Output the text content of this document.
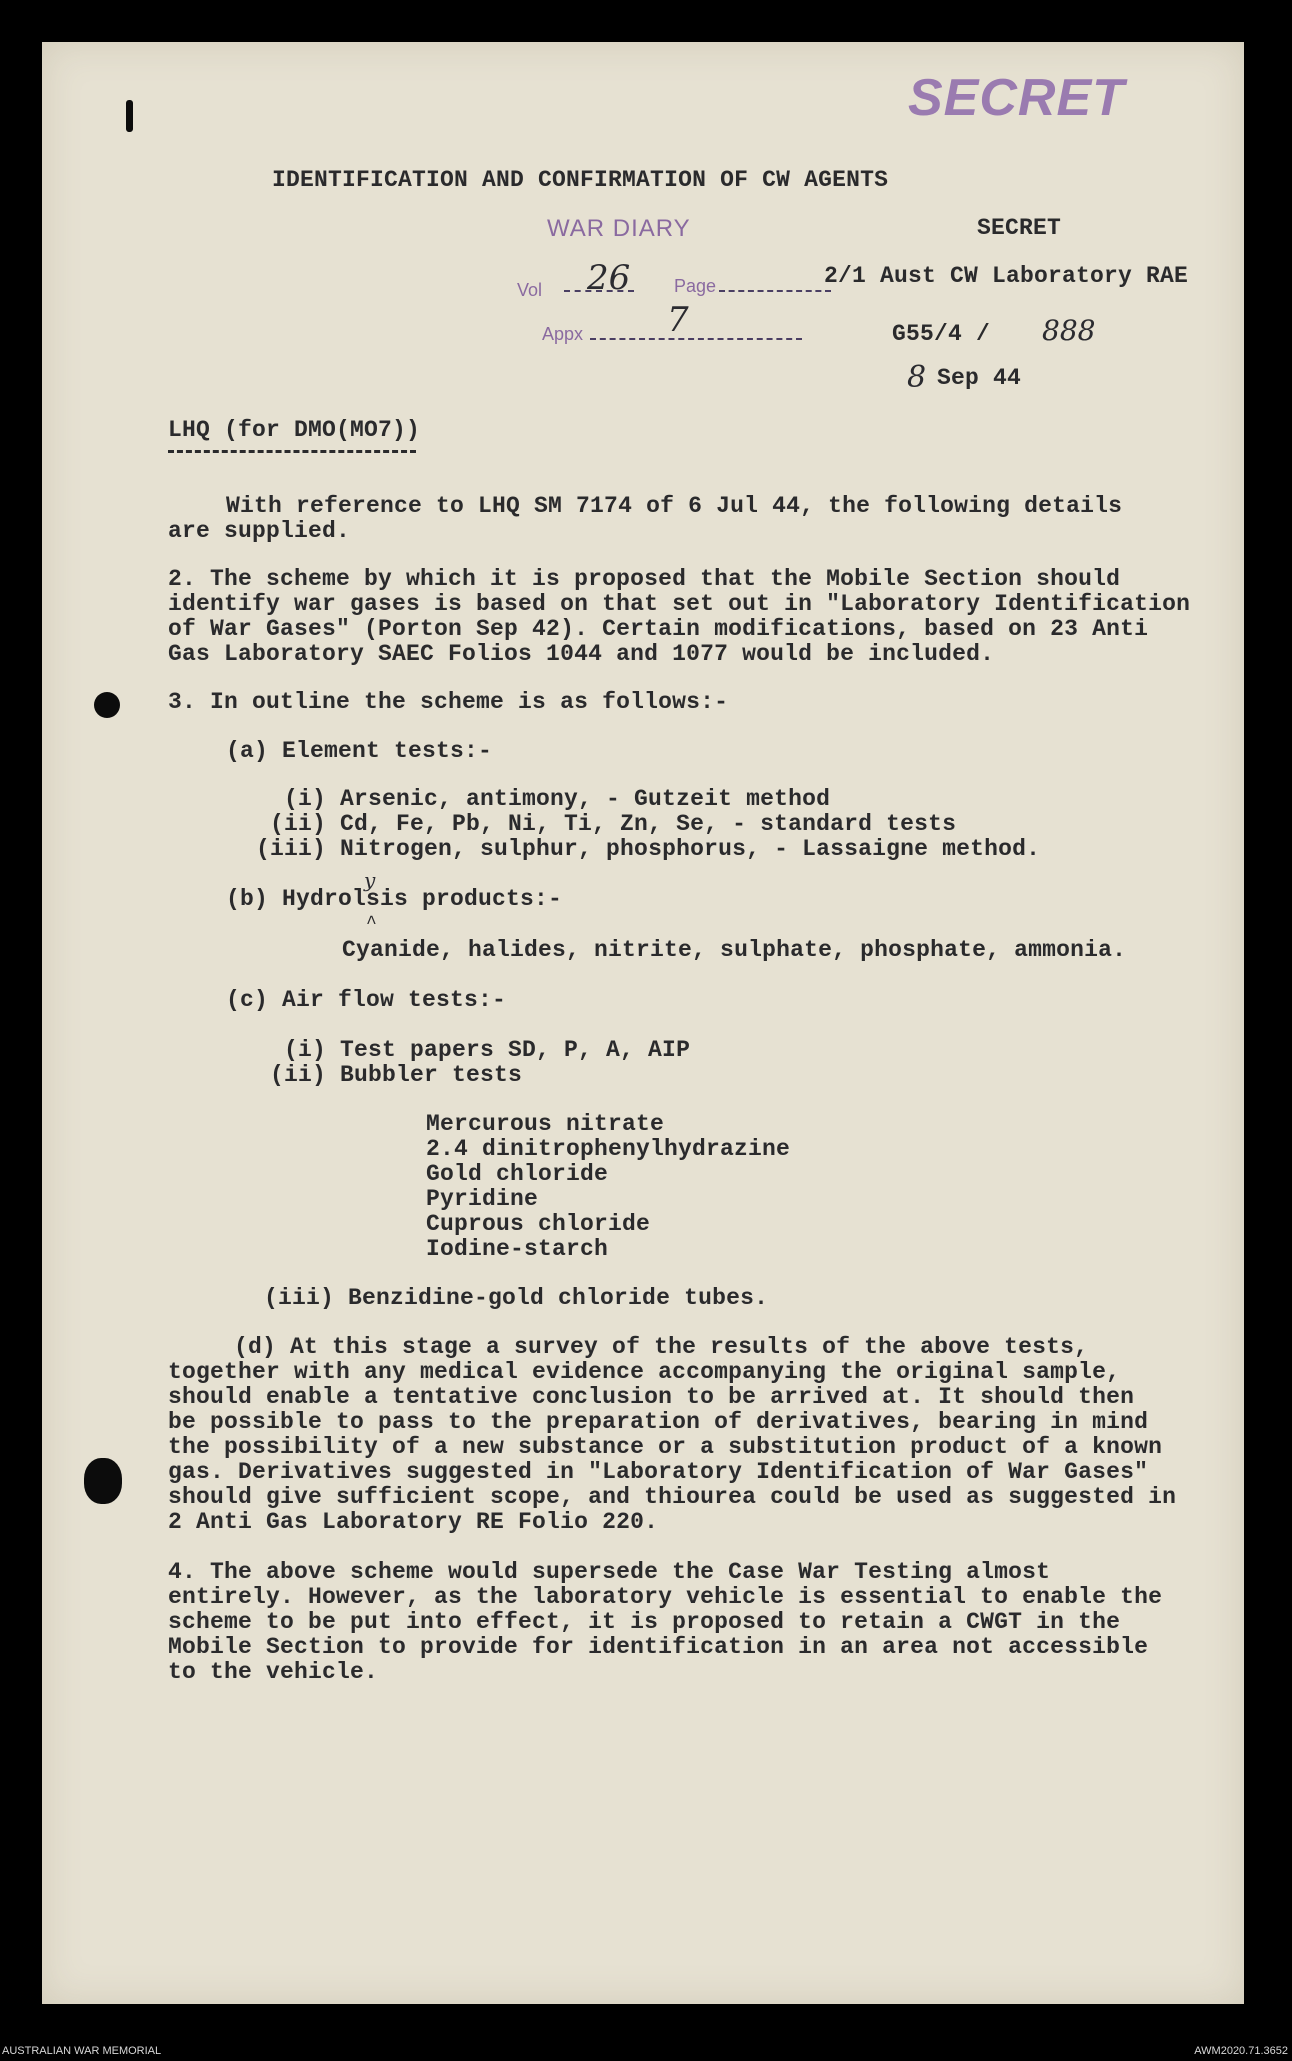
SECRET
IDENTIFICATION AND CONFIRMATION OF CW AGENTS
WAR DIARY
Vol 26 Page
Appx 7
SECRET
2/1 Aust CW Laboratory RAE
G55/4 / 888
8 Sep 44
LHQ (for DMO(MO7))
With reference to LHQ SM 7174 of 6 Jul 44, the following details
are supplied.
2. The scheme by which it is proposed that the Mobile Section should
identify war gases is based on that set out in "Laboratory Identification
of War Gases" (Porton Sep 42). Certain modifications, based on 23 Anti
Gas Laboratory SAEC Folios 1044 and 1077 would be included.
3. In outline the scheme is as follows:-
(a) Element tests:-
(i) Arsenic, antimony, - Gutzeit method
(ii) Cd, Fe, Pb, Ni, Ti, Zn, Se, - standard tests
(iii) Nitrogen, sulphur, phosphorus, - Lassaigne method.
y
(b) Hydrolsis products:-
^
Cyanide, halides, nitrite, sulphate, phosphate, ammonia.
(c) Air flow tests:-
(i) Test papers SD, P, A, AIP
(ii) Bubbler tests
Mercurous nitrate
2.4 dinitrophenylhydrazine
Gold chloride
Pyridine
Cuprous chloride
Iodine-starch
(iii) Benzidine-gold chloride tubes.
(d) At this stage a survey of the results of the above tests,
together with any medical evidence accompanying the original sample,
should enable a tentative conclusion to be arrived at. It should then
be possible to pass to the preparation of derivatives, bearing in mind
the possibility of a new substance or a substitution product of a known
gas. Derivatives suggested in "Laboratory Identification of War Gases"
should give sufficient scope, and thiourea could be used as suggested in
2 Anti Gas Laboratory RE Folio 220.
4. The above scheme would supersede the Case War Testing almost
entirely. However, as the laboratory vehicle is essential to enable the
scheme to be put into effect, it is proposed to retain a CWGT in the
Mobile Section to provide for identification in an area not accessible
to the vehicle.
AUSTRALIAN WAR MEMORIAL	AWM2020.71.3652
